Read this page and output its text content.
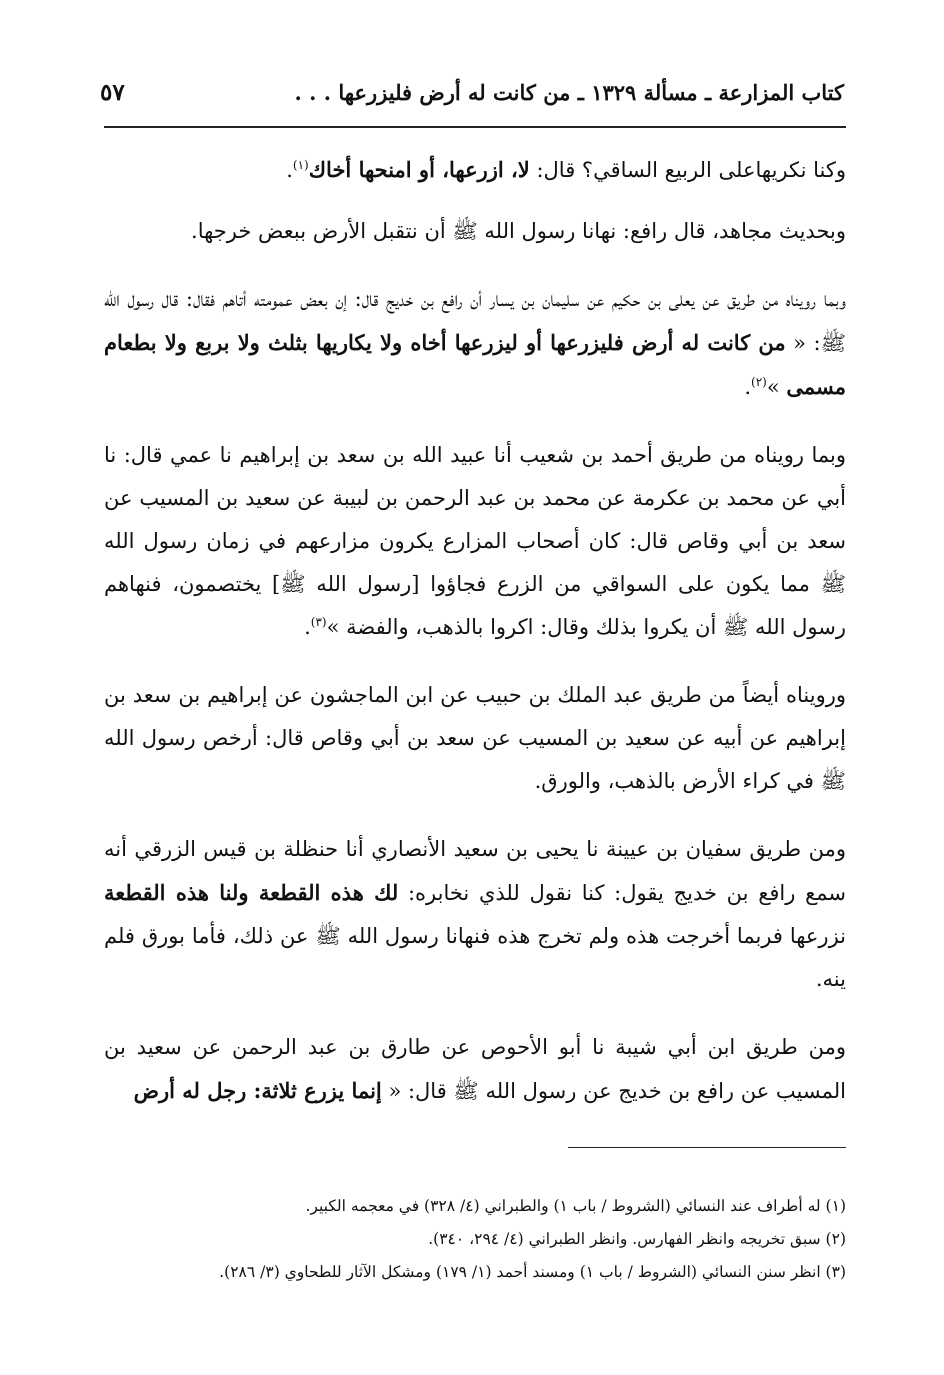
كتاب المزارعة ـ مسألة ١٣٢٩ ـ من كانت له أرض فليزرعها . . .
٥٧

وكنا نكريهاعلى الربيع الساقي؟ قال: لا، ازرعها، أو امنحها أخاك$^{(١)}$.

وبحديث مجاهد، قال رافع: نهانا رسول الله ﷺ أن نتقبل الأرض ببعض خرجها.

وبما رويناه من طريق عن يعلى بن حكيم عن سليمان بن يسار أن رافع بن خديج قال: إن بعض عمومته أتاهم فقال: قال رسول الله ﷺ: « من كانت له أرض فليزرعها أو ليزرعها أخاه ولا يكاريها بثلث ولا بربع ولا بطعام مسمى »$^{(٢)}$.

وبما رويناه من طريق أحمد بن شعيب أنا عبيد الله بن سعد بن إبراهيم نا عمي قال: نا أبي عن محمد بن عكرمة عن محمد بن عبد الرحمن بن لبيبة عن سعيد بن المسيب عن سعد بن أبي وقاص قال: كان أصحاب المزارع يكرون مزارعهم في زمان رسول الله ﷺ مما يكون على السواقي من الزرع فجاؤوا [رسول الله ﷺ] يختصمون، فنهاهم رسول الله ﷺ أن يكروا بذلك وقال: اكروا بالذهب، والفضة »$^{(٣)}$.

ورويناه أيضاً من طريق عبد الملك بن حبيب عن ابن الماجشون عن إبراهيم بن سعد بن إبراهيم عن أبيه عن سعيد بن المسيب عن سعد بن أبي وقاص قال: أرخص رسول الله ﷺ في كراء الأرض بالذهب، والورق.

ومن طريق سفيان بن عيينة نا يحيى بن سعيد الأنصاري أنا حنظلة بن قيس الزرقي أنه سمع رافع بن خديج يقول: كنا نقول للذي نخابره: لك هذه القطعة ولنا هذه القطعة نزرعها فربما أخرجت هذه ولم تخرج هذه فنهانا رسول الله ﷺ عن ذلك، فأما بورق فلم ينه.

ومن طريق ابن أبي شيبة نا أبو الأحوص عن طارق بن عبد الرحمن عن سعيد بن المسيب عن رافع بن خديج عن رسول الله ﷺ قال: « إنما يزرع ثلاثة: رجل له أرض

(١) له أطراف عند النسائي (الشروط / باب ١) والطبراني (٤/ ٣٢٨) في معجمه الكبير.

(٢) سبق تخريجه وانظر الفهارس. وانظر الطبراني (٤/ ٢٩٤، ٣٤٠).

(٣) انظر سنن النسائي (الشروط / باب ١) ومسند أحمد (١/ ١٧٩) ومشكل الآثار للطحاوي (٣/ ٢٨٦).
